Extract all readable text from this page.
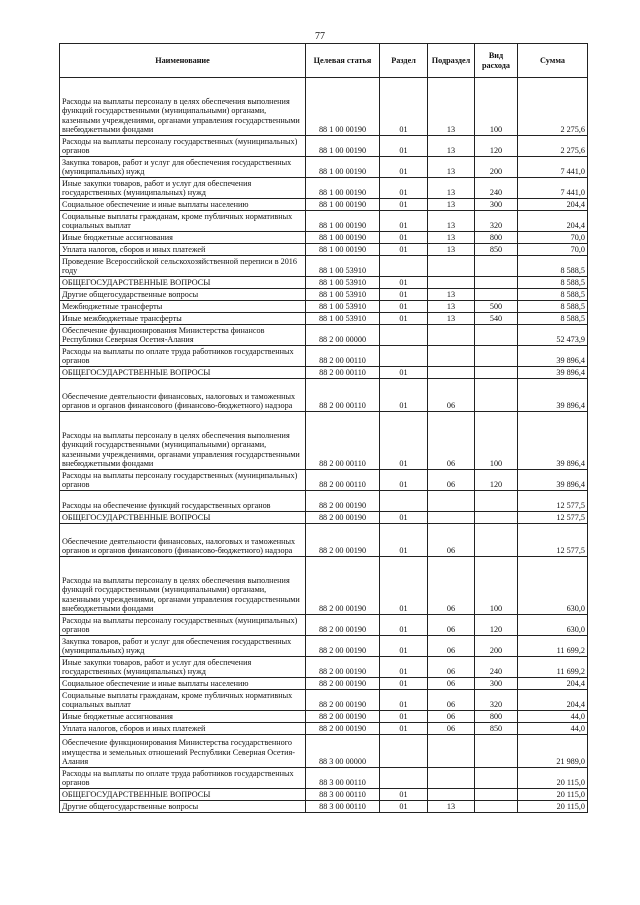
77
Наименование	Целевая статья	Раздел	Подраздел	Вид расхода	Сумма
Расходы на выплаты персоналу в целях обеспечения выполнения функций государственными (муниципальными) органами, казенными учреждениями, органами управления государственными внебюджетными фондами	88 1 00 00190	01	13	100	2 275,6
Расходы на выплаты персоналу государственных (муниципальных) органов	88 1 00 00190	01	13	120	2 275,6
Закупка товаров, работ и услуг для обеспечения государственных (муниципальных) нужд	88 1 00 00190	01	13	200	7 441,0
Иные закупки товаров, работ и услуг для обеспечения государственных (муниципальных) нужд	88 1 00 00190	01	13	240	7 441,0
Социальное обеспечение и иные выплаты населению	88 1 00 00190	01	13	300	204,4
Социальные выплаты гражданам, кроме публичных нормативных социальных выплат	88 1 00 00190	01	13	320	204,4
Иные бюджетные ассигнования	88 1 00 00190	01	13	800	70,0
Уплата налогов, сборов и иных платежей	88 1 00 00190	01	13	850	70,0
Проведение Всероссийской сельскохозяйственной переписи в 2016 году	88 1 00 53910				8 588,5
ОБЩЕГОСУДАРСТВЕННЫЕ ВОПРОСЫ	88 1 00 53910	01			8 588,5
Другие общегосударственные вопросы	88 1 00 53910	01	13		8 588,5
Межбюджетные трансферты	88 1 00 53910	01	13	500	8 588,5
Иные межбюджетные трансферты	88 1 00 53910	01	13	540	8 588,5
Обеспечение функционирования Министерства финансов Республики Северная Осетия-Алания	88 2 00 00000				52 473,9
Расходы на выплаты по оплате труда работников государственных органов	88 2 00 00110				39 896,4
ОБЩЕГОСУДАРСТВЕННЫЕ ВОПРОСЫ	88 2 00 00110	01			39 896,4
Обеспечение деятельности финансовых, налоговых и таможенных органов и органов финансового (финансово-бюджетного) надзора	88 2 00 00110	01	06		39 896,4
Расходы на выплаты персоналу в целях обеспечения выполнения функций государственными (муниципальными) органами, казенными учреждениями, органами управления государственными внебюджетными фондами	88 2 00 00110	01	06	100	39 896,4
Расходы на выплаты персоналу государственных (муниципальных) органов	88 2 00 00110	01	06	120	39 896,4
Расходы на обеспечение функций государственных органов	88 2 00 00190				12 577,5
ОБЩЕГОСУДАРСТВЕННЫЕ ВОПРОСЫ	88 2 00 00190	01			12 577,5
Обеспечение деятельности финансовых, налоговых и таможенных органов и органов финансового (финансово-бюджетного) надзора	88 2 00 00190	01	06		12 577,5
Расходы на выплаты персоналу в целях обеспечения выполнения функций государственными (муниципальными) органами, казенными учреждениями, органами управления государственными внебюджетными фондами	88 2 00 00190	01	06	100	630,0
Расходы на выплаты персоналу государственных (муниципальных) органов	88 2 00 00190	01	06	120	630,0
Закупка товаров, работ и услуг для обеспечения государственных (муниципальных) нужд	88 2 00 00190	01	06	200	11 699,2
Иные закупки товаров, работ и услуг для обеспечения государственных (муниципальных) нужд	88 2 00 00190	01	06	240	11 699,2
Социальное обеспечение и иные выплаты населению	88 2 00 00190	01	06	300	204,4
Социальные выплаты гражданам, кроме публичных нормативных социальных выплат	88 2 00 00190	01	06	320	204,4
Иные бюджетные ассигнования	88 2 00 00190	01	06	800	44,0
Уплата налогов, сборов и иных платежей	88 2 00 00190	01	06	850	44,0
Обеспечение функционирования Министерства государственного имущества и земельных отношений Республики Северная Осетия-Алания	88 3 00 00000				21 989,0
Расходы на выплаты по оплате труда работников государственных органов	88 3 00 00110				20 115,0
ОБЩЕГОСУДАРСТВЕННЫЕ ВОПРОСЫ	88 3 00 00110	01			20 115,0
Другие общегосударственные вопросы	88 3 00 00110	01	13		20 115,0
